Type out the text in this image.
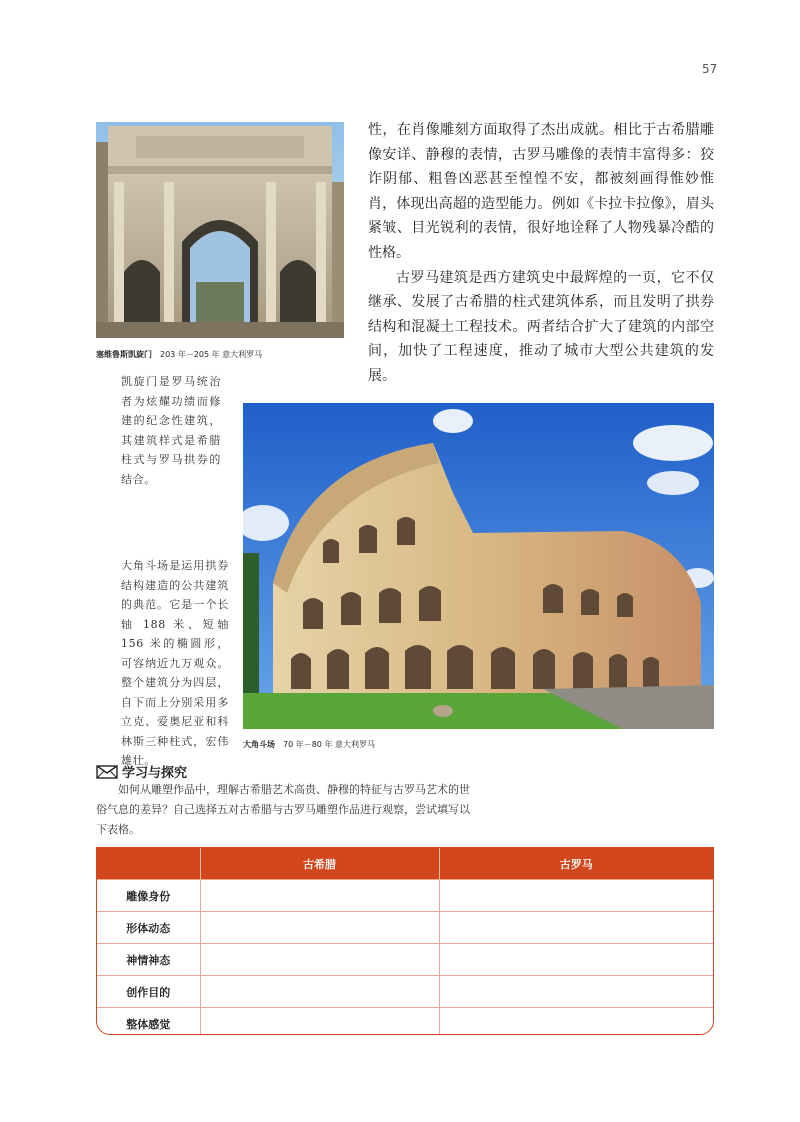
57
塞维鲁斯凯旋门 203 年－205 年 意大利罗马
凯旋门是罗马统治者为炫耀功绩而修建的纪念性建筑，其建筑样式是希腊柱式与罗马拱券的结合。

性，在肖像雕刻方面取得了杰出成就。相比于古希腊雕像安详、静穆的表情，古罗马雕像的表情丰富得多：狡诈阴郁、粗鲁凶恶甚至惶惶不安，都被刻画得惟妙惟肖，体现出高超的造型能力。例如《卡拉卡拉像》，眉头紧皱、目光锐利的表情，很好地诠释了人物残暴冷酷的性格。

古罗马建筑是西方建筑史中最辉煌的一页，它不仅继承、发展了古希腊的柱式建筑体系，而且发明了拱券结构和混凝土工程技术。两者结合扩大了建筑的内部空间，加快了工程速度，推动了城市大型公共建筑的发展。

大角斗场 70 年－80 年 意大利罗马
大角斗场是运用拱券结构建造的公共建筑的典范。它是一个长轴 188 米、短轴 156 米的椭圆形，可容纳近九万观众。整个建筑分为四层，自下而上分别采用多立克、爱奥尼亚和科林斯三种柱式，宏伟雄壮。
学习与探究
如何从雕塑作品中，理解古希腊艺术高贵、静穆的特征与古罗马艺术的世俗气息的差异？自己选择五对古希腊与古罗马雕塑作品进行观察，尝试填写以下表格。
	古希腊	古罗马
雕像身份		
形体动态		
神情神态		
创作目的		
整体感觉		
